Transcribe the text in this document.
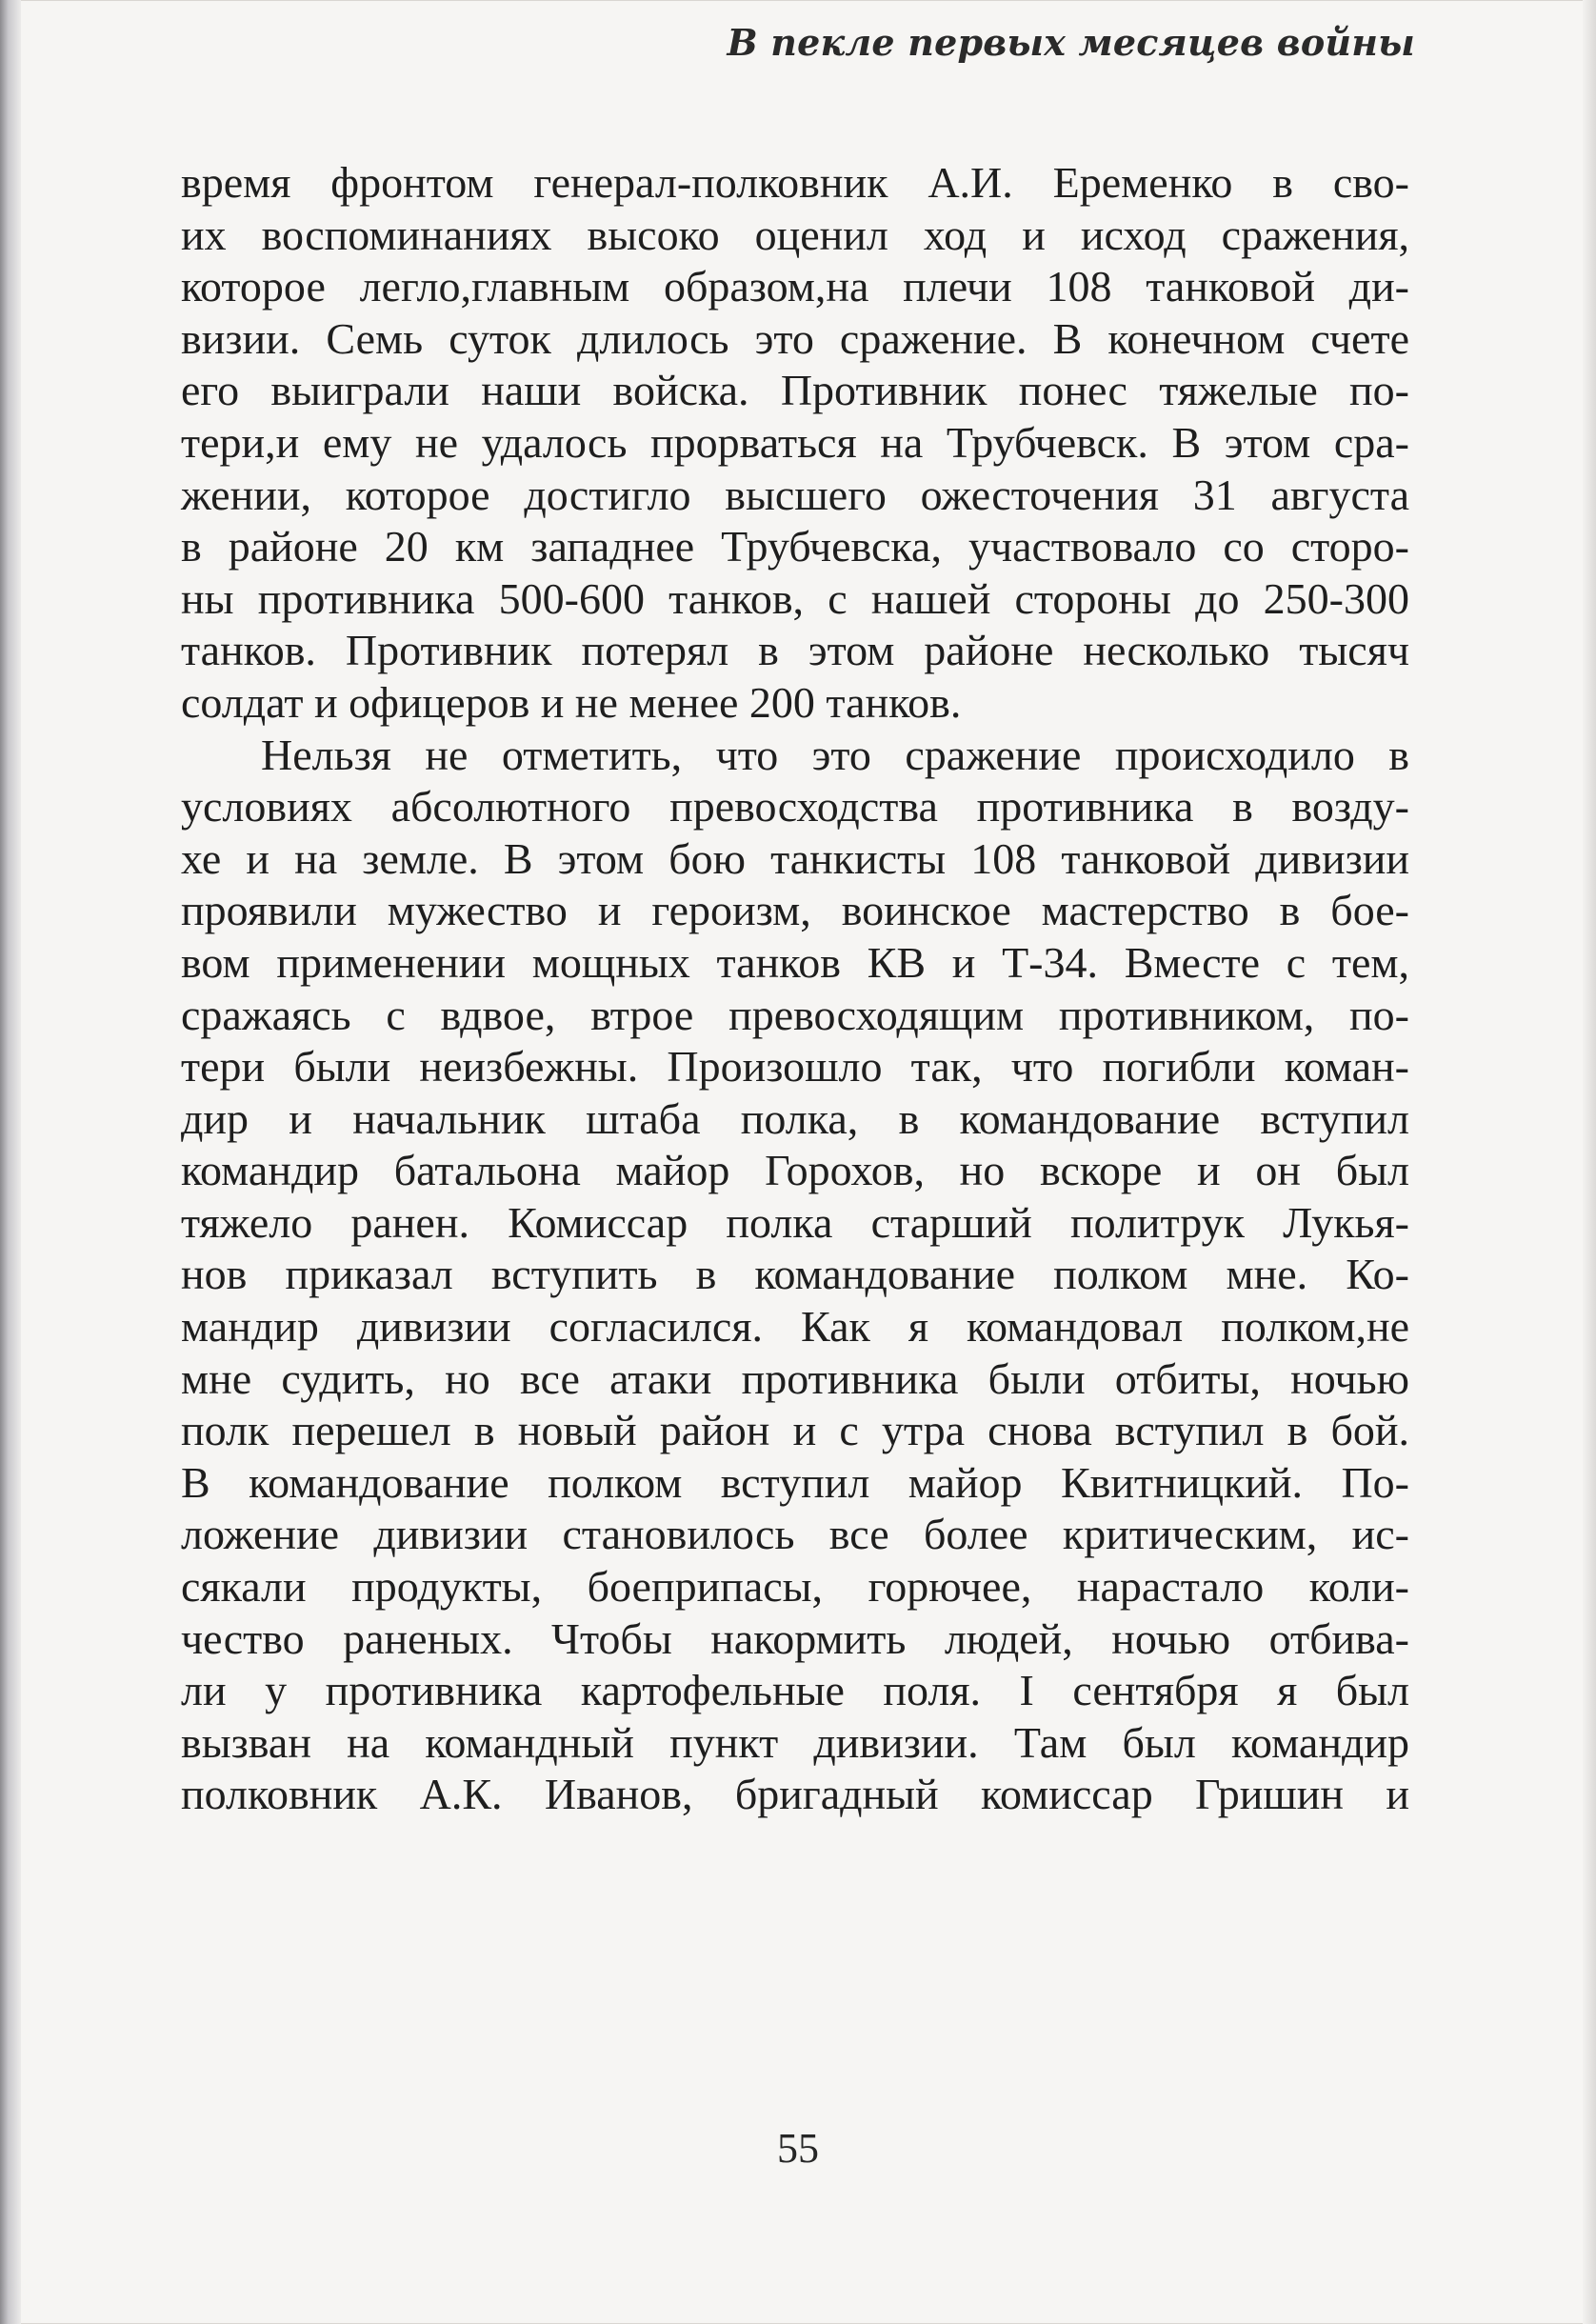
В пекле первых месяцев войны
время фронтом генерал-полковник А.И. Еременко в сво-
их воспоминаниях высоко оценил ход и исход сражения,
которое легло,главным образом,на плечи 108 танковой ди-
визии. Семь суток длилось это сражение. В конечном счете
его выиграли наши войска. Противник понес тяжелые по-
тери,и ему не удалось прорваться на Трубчевск. В этом сра-
жении, которое достигло высшего ожесточения 31 августа
в районе 20 км западнее Трубчевска, участвовало со сторо-
ны противника 500-600 танков, с нашей стороны до 250-300
танков. Противник потерял в этом районе несколько тысяч
солдат и офицеров и не менее 200 танков.
Нельзя не отметить, что это сражение происходило в
условиях абсолютного превосходства противника в возду-
хе и на земле. В этом бою танкисты 108 танковой дивизии
проявили мужество и героизм, воинское мастерство в бое-
вом применении мощных танков КВ и Т-34. Вместе с тем,
сражаясь с вдвое, втрое превосходящим противником, по-
тери были неизбежны. Произошло так, что погибли коман-
дир и начальник штаба полка, в командование вступил
командир батальона майор Горохов, но вскоре и он был
тяжело ранен. Комиссар полка старший политрук Лукья-
нов приказал вступить в командование полком мне. Ко-
мандир дивизии согласился. Как я командовал полком,не
мне судить, но все атаки противника были отбиты, ночью
полк перешел в новый район и с утра снова вступил в бой.
В командование полком вступил майор Квитницкий. По-
ложение дивизии становилось все более критическим, ис-
сякали продукты, боеприпасы, горючее, нарастало коли-
чество раненых. Чтобы накормить людей, ночью отбива-
ли у противника картофельные поля. I сентября я был
вызван на командный пункт дивизии. Там был командир
полковник А.К. Иванов, бригадный комиссар Гришин и
55
